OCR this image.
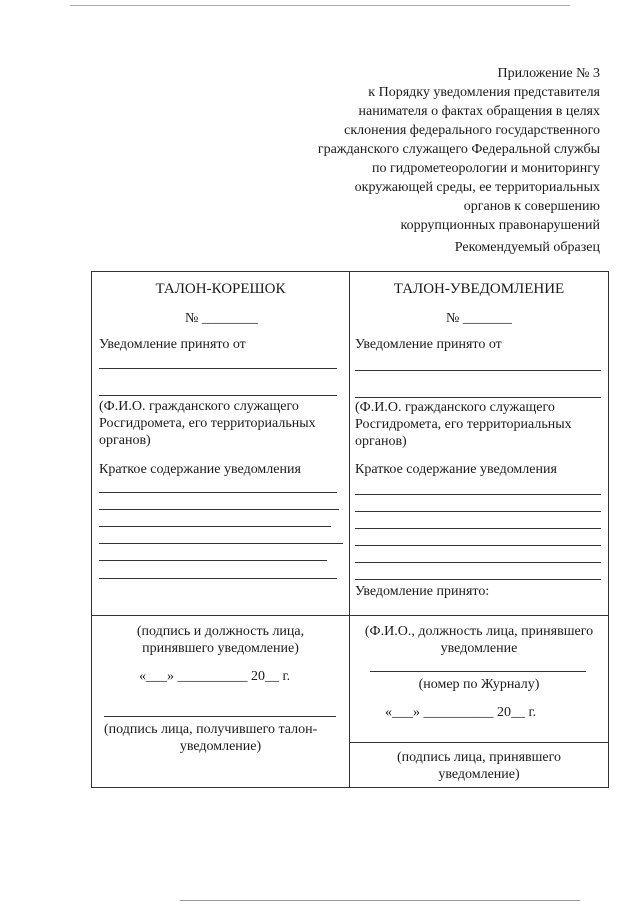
Приложение № 3
к Порядку уведомления представителя
нанимателя о фактах обращения в целях
склонения федерального государственного
гражданского служащего Федеральной службы
по гидрометеорологии и мониторингу
окружающей среды, ее территориальных
органов к совершению
коррупционных правонарушений
Рекомендуемый образец
ТАЛОН-КОРЕШОК
№ ________
Уведомление принято от
(Ф.И.О. гражданского служащего
Росгидромета, его территориальных
органов)
Краткое содержание уведомления
(подпись и должность лица,
принявшего уведомление)
«___» __________ 20__ г.
(подпись лица, получившего талон-
уведомление)
ТАЛОН-УВЕДОМЛЕНИЕ
№ _______
Уведомление принято от
(Ф.И.О. гражданского служащего
Росгидромета, его территориальных
органов)
Краткое содержание уведомления
Уведомление принято:
(Ф.И.О., должность лица, принявшего
уведомление
(номер по Журналу)
«___» __________ 20__ г.
(подпись лица, принявшего
уведомление)
